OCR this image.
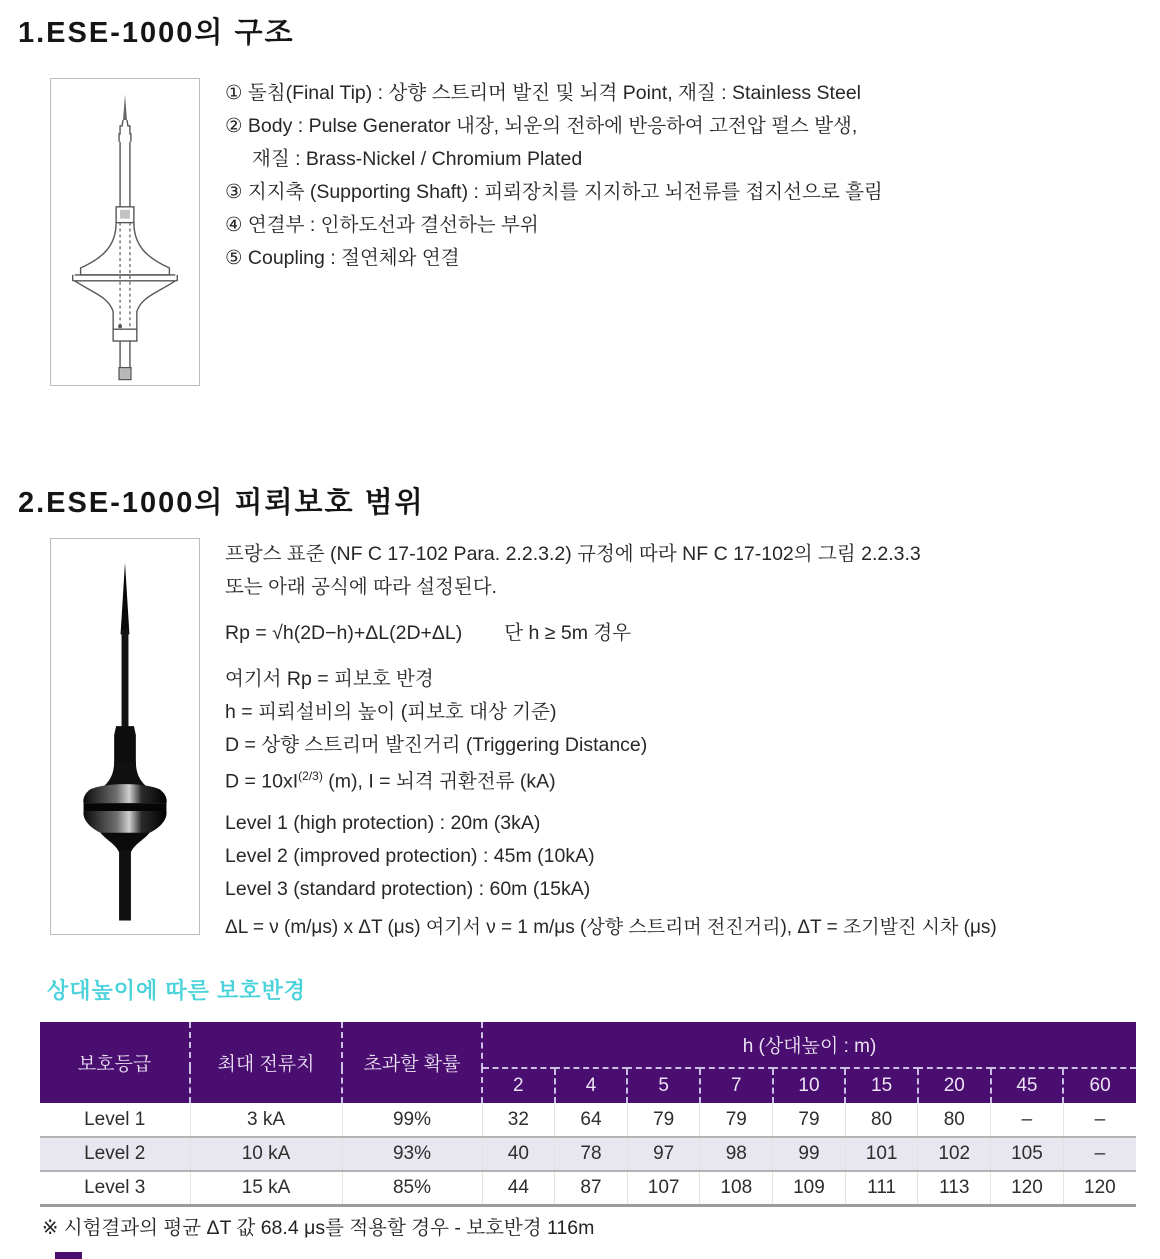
1.ESE-1000의 구조
① 돌침(Final Tip) : 상향 스트리머 발진 및 뇌격 Point, 재질 : Stainless Steel
② Body : Pulse Generator 내장, 뇌운의 전하에 반응하여 고전압 펄스 발생,
재질 : Brass-Nickel / Chromium Plated
③ 지지축 (Supporting Shaft) : 피뢰장치를 지지하고 뇌전류를 접지선으로 흘림
④ 연결부 : 인하도선과 결선하는 부위
⑤ Coupling : 절연체와 연결
2.ESE-1000의 피뢰보호 범위
프랑스 표준 (NF C 17-102 Para. 2.2.3.2) 규정에 따라 NF C 17-102의 그림 2.2.3.3
또는 아래 공식에 따라 설정된다.
Rp = √h(2D−h)+ΔL(2D+ΔL) 단 h ≥ 5m 경우
여기서 Rp = 피보호 반경
h = 피뢰설비의 높이 (피보호 대상 기준)
D = 상향 스트리머 발진거리 (Triggering Distance)
$D = 10xI^{(2/3)}$ (m), I = 뇌격 귀환전류 (kA)
Level 1 (high protection) : 20m (3kA)
Level 2 (improved protection) : 45m (10kA)
Level 3 (standard protection) : 60m (15kA)
ΔL = ν (m/μs) x ΔT (μs) 여기서 ν = 1 m/μs (상향 스트리머 전진거리), ΔT = 조기발진 시차 (μs)
상대높이에 따른 보호반경
보호등급	최대 전류치	초과할 확률	h (상대높이 : m)								
			2	4	5	7	10	15	20	45	60
Level 1	3 kA	99%	32	64	79	79	79	80	80	–	–
Level 2	10 kA	93%	40	78	97	98	99	101	102	105	–
Level 3	15 kA	85%	44	87	107	108	109	111	113	120	120
※ 시험결과의 평균 ΔT 값 68.4 μs를 적용할 경우 - 보호반경 116m
